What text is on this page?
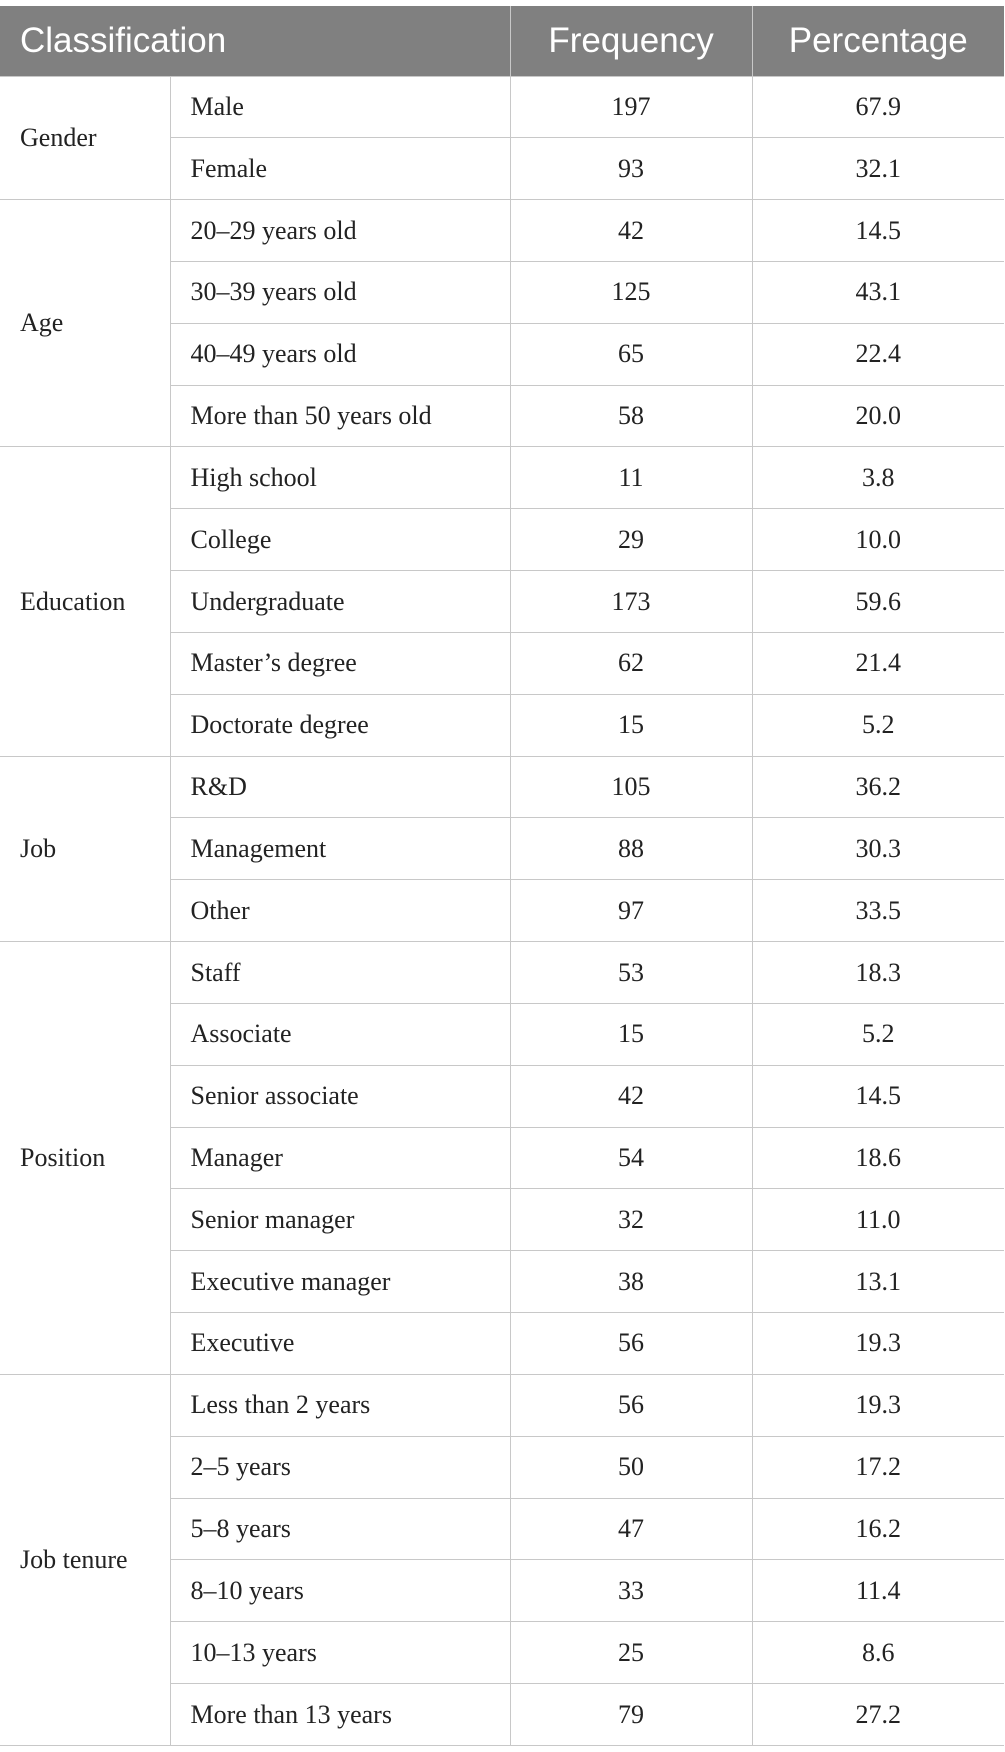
Classification		Frequency	Percentage
Gender	Male	197	67.9
	Female	93	32.1
Age	20–29 years old	42	14.5
	30–39 years old	125	43.1
	40–49 years old	65	22.4
	More than 50 years old	58	20.0
Education	High school	11	3.8
	College	29	10.0
	Undergraduate	173	59.6
	Master’s degree	62	21.4
	Doctorate degree	15	5.2
Job	R&D	105	36.2
	Management	88	30.3
	Other	97	33.5
Position	Staff	53	18.3
	Associate	15	5.2
	Senior associate	42	14.5
	Manager	54	18.6
	Senior manager	32	11.0
	Executive manager	38	13.1
	Executive	56	19.3
Job tenure	Less than 2 years	56	19.3
	2–5 years	50	17.2
	5–8 years	47	16.2
	8–10 years	33	11.4
	10–13 years	25	8.6
	More than 13 years	79	27.2
